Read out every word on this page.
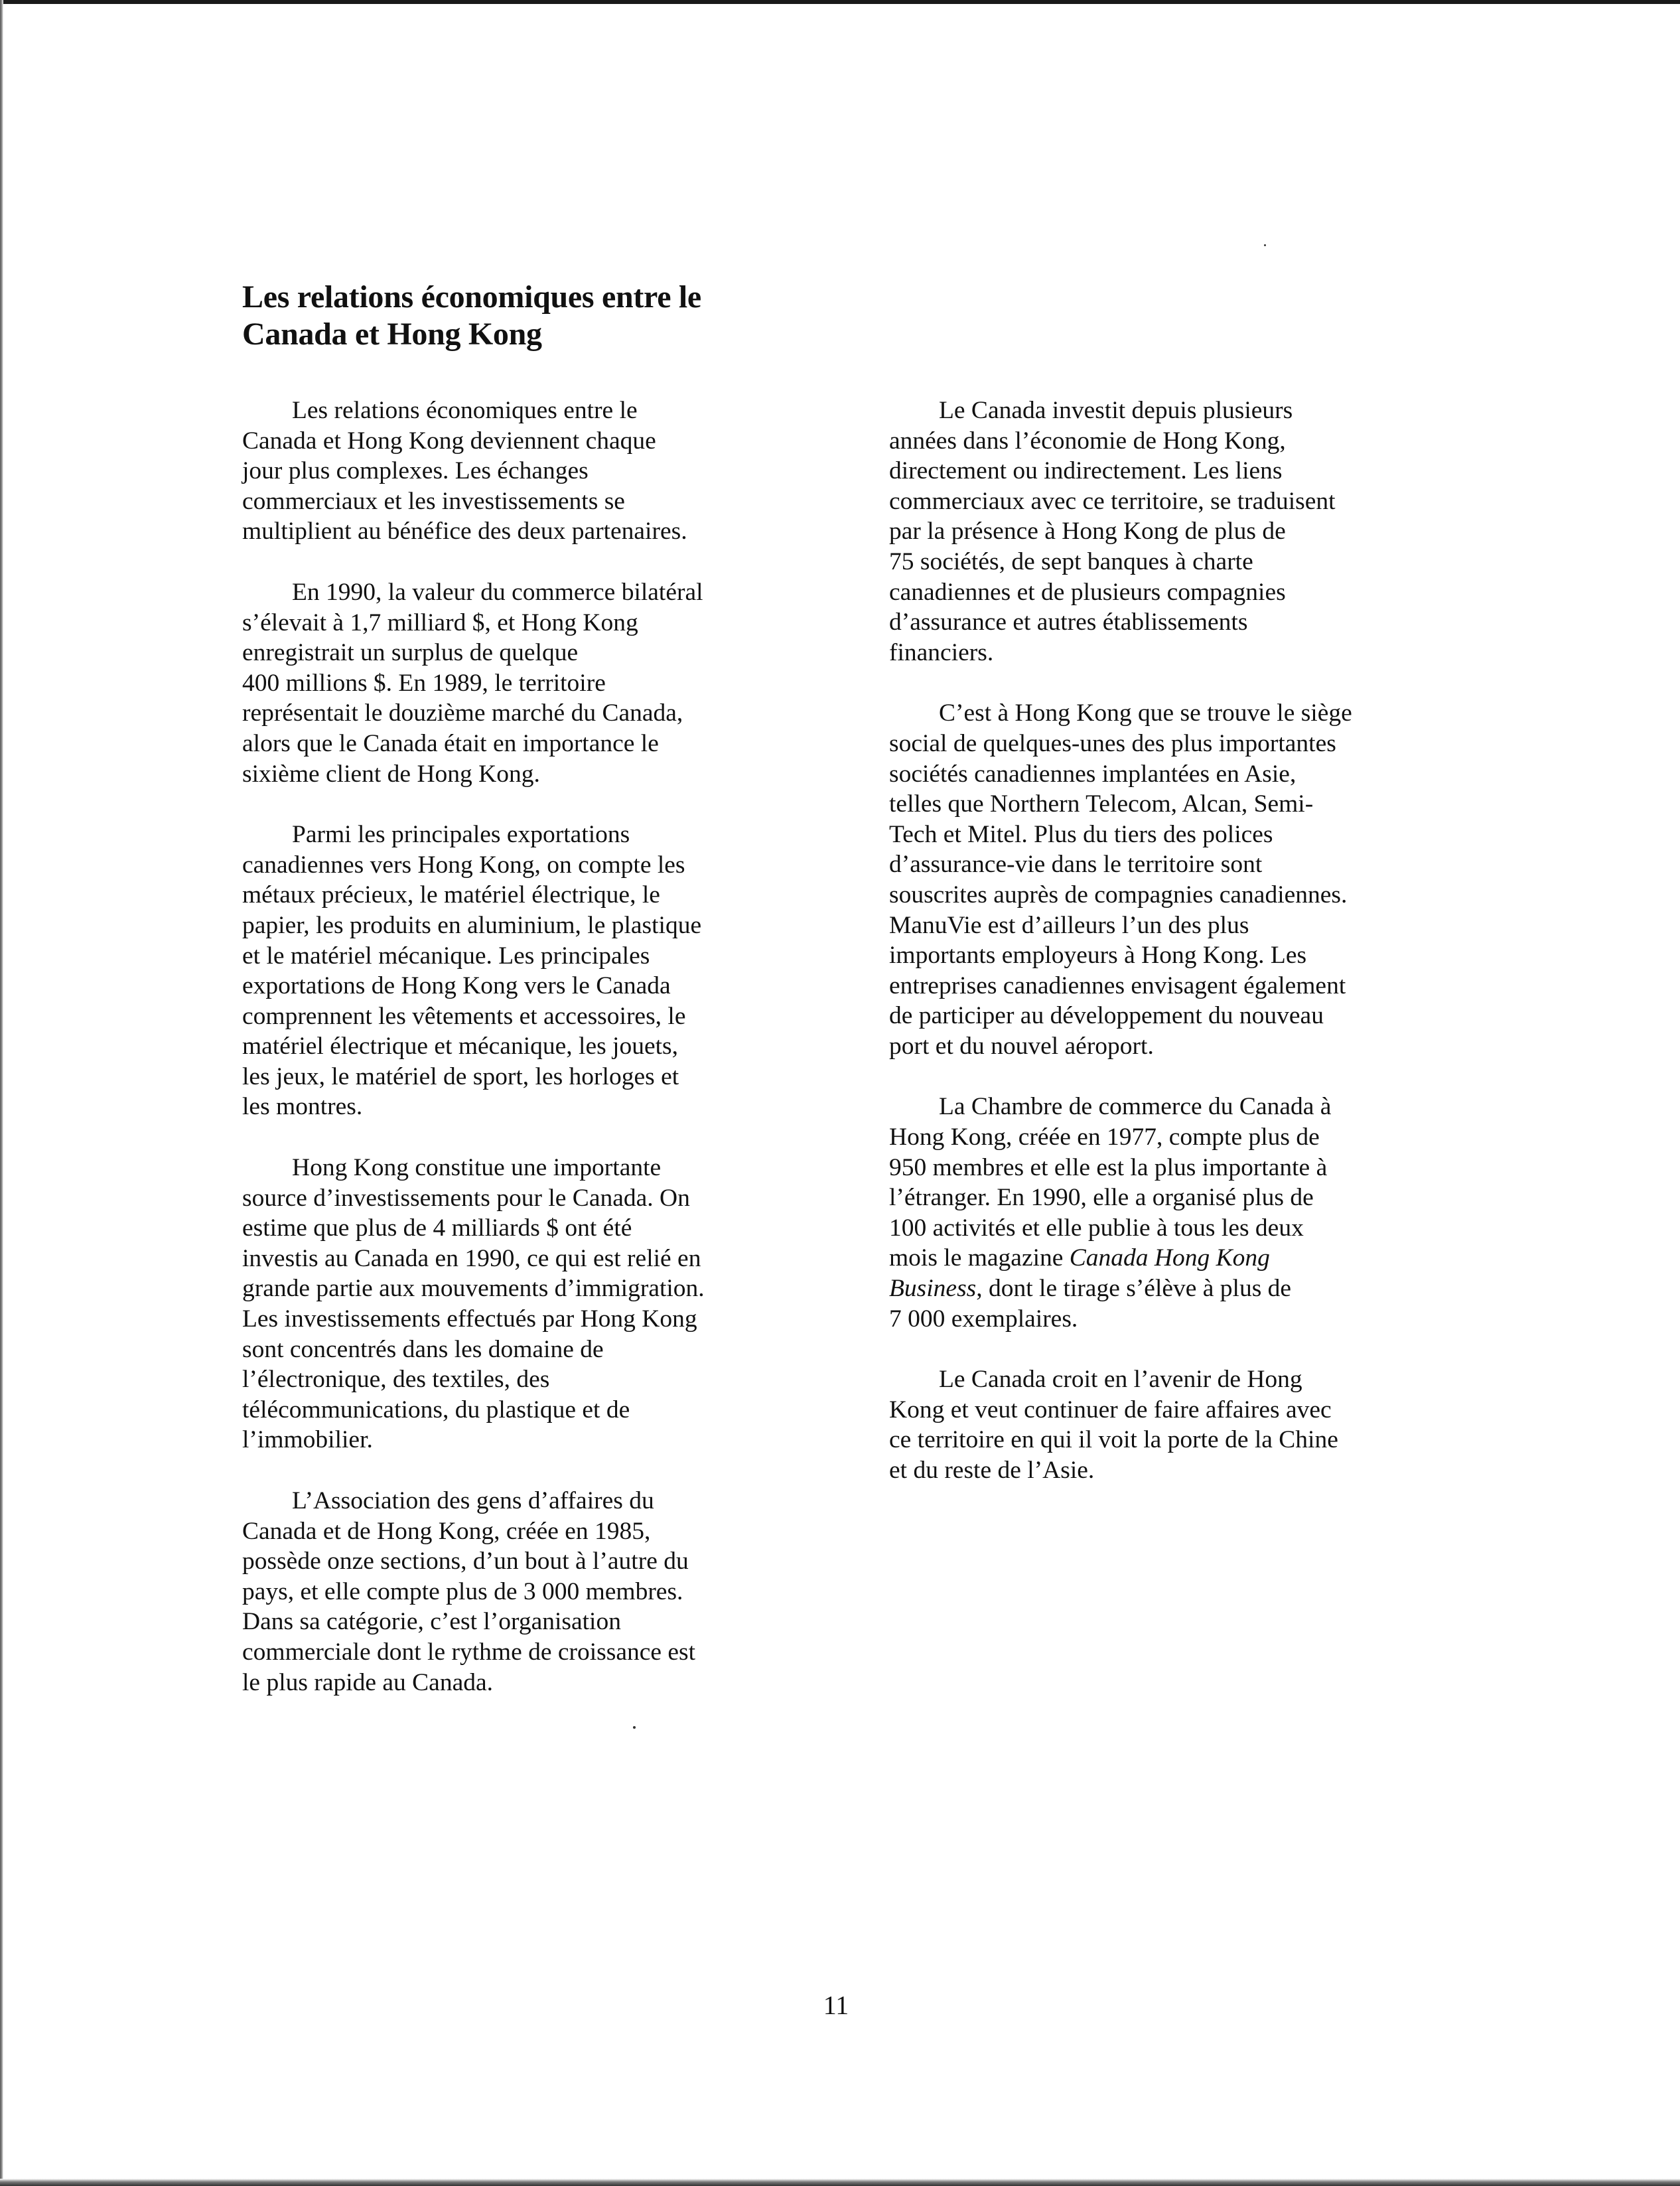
Les relations économiques entre le
Canada et Hong Kong

Les relations économiques entre le
Canada et Hong Kong deviennent chaque
jour plus complexes. Les échanges
commerciaux et les investissements se
multiplient au bénéfice des deux partenaires.

En 1990, la valeur du commerce bilatéral
s’élevait à 1,7 milliard $, et Hong Kong
enregistrait un surplus de quelque
400 millions $. En 1989, le territoire
représentait le douzième marché du Canada,
alors que le Canada était en importance le
sixième client de Hong Kong.

Parmi les principales exportations
canadiennes vers Hong Kong, on compte les
métaux précieux, le matériel électrique, le
papier, les produits en aluminium, le plastique
et le matériel mécanique. Les principales
exportations de Hong Kong vers le Canada
comprennent les vêtements et accessoires, le
matériel électrique et mécanique, les jouets,
les jeux, le matériel de sport, les horloges et
les montres.

Hong Kong constitue une importante
source d’investissements pour le Canada. On
estime que plus de 4 milliards $ ont été
investis au Canada en 1990, ce qui est relié en
grande partie aux mouvements d’immigration.
Les investissements effectués par Hong Kong
sont concentrés dans les domaine de
l’électronique, des textiles, des
télécommunications, du plastique et de
l’immobilier.

L’Association des gens d’affaires du
Canada et de Hong Kong, créée en 1985,
possède onze sections, d’un bout à l’autre du
pays, et elle compte plus de 3 000 membres.
Dans sa catégorie, c’est l’organisation
commerciale dont le rythme de croissance est
le plus rapide au Canada.

Le Canada investit depuis plusieurs
années dans l’économie de Hong Kong,
directement ou indirectement. Les liens
commerciaux avec ce territoire, se traduisent
par la présence à Hong Kong de plus de
75 sociétés, de sept banques à charte
canadiennes et de plusieurs compagnies
d’assurance et autres établissements
financiers.

C’est à Hong Kong que se trouve le siège
social de quelques-unes des plus importantes
sociétés canadiennes implantées en Asie,
telles que Northern Telecom, Alcan, Semi-
Tech et Mitel. Plus du tiers des polices
d’assurance-vie dans le territoire sont
souscrites auprès de compagnies canadiennes.
ManuVie est d’ailleurs l’un des plus
importants employeurs à Hong Kong. Les
entreprises canadiennes envisagent également
de participer au développement du nouveau
port et du nouvel aéroport.

La Chambre de commerce du Canada à
Hong Kong, créée en 1977, compte plus de
950 membres et elle est la plus importante à
l’étranger. En 1990, elle a organisé plus de
100 activités et elle publie à tous les deux
mois le magazine Canada Hong Kong
Business, dont le tirage s’élève à plus de
7 000 exemplaires.

Le Canada croit en l’avenir de Hong
Kong et veut continuer de faire affaires avec
ce territoire en qui il voit la porte de la Chine
et du reste de l’Asie.

11
